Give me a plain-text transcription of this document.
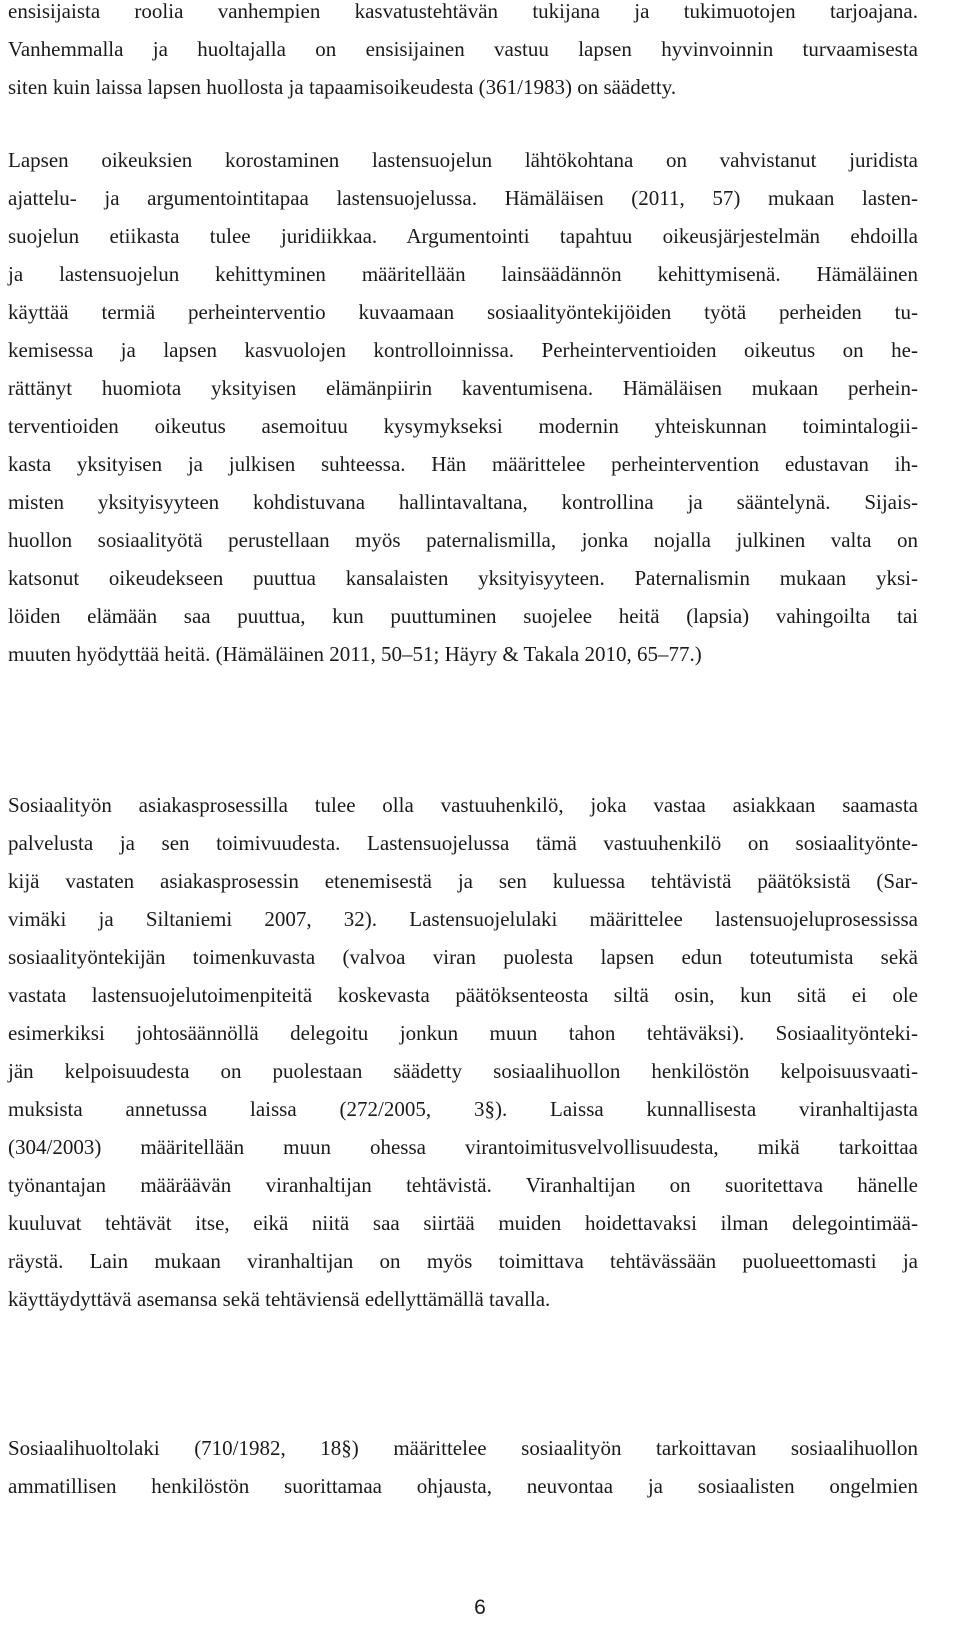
ensisijaista roolia vanhempien kasvatustehtävän tukijana ja tukimuotojen tarjoajana.
Vanhemmalla ja huoltajalla on ensisijainen vastuu lapsen hyvinvoinnin turvaamisesta
siten kuin laissa lapsen huollosta ja tapaamisoikeudesta (361/1983) on säädetty.
Lapsen oikeuksien korostaminen lastensuojelun lähtökohtana on vahvistanut juridista
ajattelu- ja argumentointitapaa lastensuojelussa. Hämäläisen (2011, 57) mukaan lasten-
suojelun etiikasta tulee juridiikkaa. Argumentointi tapahtuu oikeusjärjestelmän ehdoilla
ja lastensuojelun kehittyminen määritellään lainsäädännön kehittymisenä. Hämäläinen
käyttää termiä perheinterventio kuvaamaan sosiaalityöntekijöiden työtä perheiden tu-
kemisessa ja lapsen kasvuolojen kontrolloinnissa. Perheinterventioiden oikeutus on he-
rättänyt huomiota yksityisen elämänpiirin kaventumisena. Hämäläisen mukaan perhein-
terventioiden oikeutus asemoituu kysymykseksi modernin yhteiskunnan toimintalogii-
kasta yksityisen ja julkisen suhteessa. Hän määrittelee perheintervention edustavan ih-
misten yksityisyyteen kohdistuvana hallintavaltana, kontrollina ja sääntelynä. Sijais-
huollon sosiaalityötä perustellaan myös paternalismilla, jonka nojalla julkinen valta on
katsonut oikeudekseen puuttua kansalaisten yksityisyyteen. Paternalismin mukaan yksi-
löiden elämään saa puuttua, kun puuttuminen suojelee heitä (lapsia) vahingoilta tai
muuten hyödyttää heitä. (Hämäläinen 2011, 50–51; Häyry & Takala 2010, 65–77.)
Sosiaalityön asiakasprosessilla tulee olla vastuuhenkilö, joka vastaa asiakkaan saamasta
palvelusta ja sen toimivuudesta. Lastensuojelussa tämä vastuuhenkilö on sosiaalityönte-
kijä vastaten asiakasprosessin etenemisestä ja sen kuluessa tehtävistä päätöksistä (Sar-
vimäki ja Siltaniemi 2007, 32). Lastensuojelulaki määrittelee lastensuojeluprosessissa
sosiaalityöntekijän toimenkuvasta (valvoa viran puolesta lapsen edun toteutumista sekä
vastata lastensuojelutoimenpiteitä koskevasta päätöksenteosta siltä osin, kun sitä ei ole
esimerkiksi johtosäännöllä delegoitu jonkun muun tahon tehtäväksi). Sosiaalityönteki-
jän kelpoisuudesta on puolestaan säädetty sosiaalihuollon henkilöstön kelpoisuusvaati-
muksista annetussa laissa (272/2005, 3§). Laissa kunnallisesta viranhaltijasta
(304/2003) määritellään muun ohessa virantoimitusvelvollisuudesta, mikä tarkoittaa
työnantajan määräävän viranhaltijan tehtävistä. Viranhaltijan on suoritettava hänelle
kuuluvat tehtävät itse, eikä niitä saa siirtää muiden hoidettavaksi ilman delegointimää-
räystä. Lain mukaan viranhaltijan on myös toimittava tehtävässään puolueettomasti ja
käyttäydyttävä asemansa sekä tehtäviensä edellyttämällä tavalla.
Sosiaalihuoltolaki (710/1982, 18§) määrittelee sosiaalityön tarkoittavan sosiaalihuollon
ammatillisen henkilöstön suorittamaa ohjausta, neuvontaa ja sosiaalisten ongelmien
6
